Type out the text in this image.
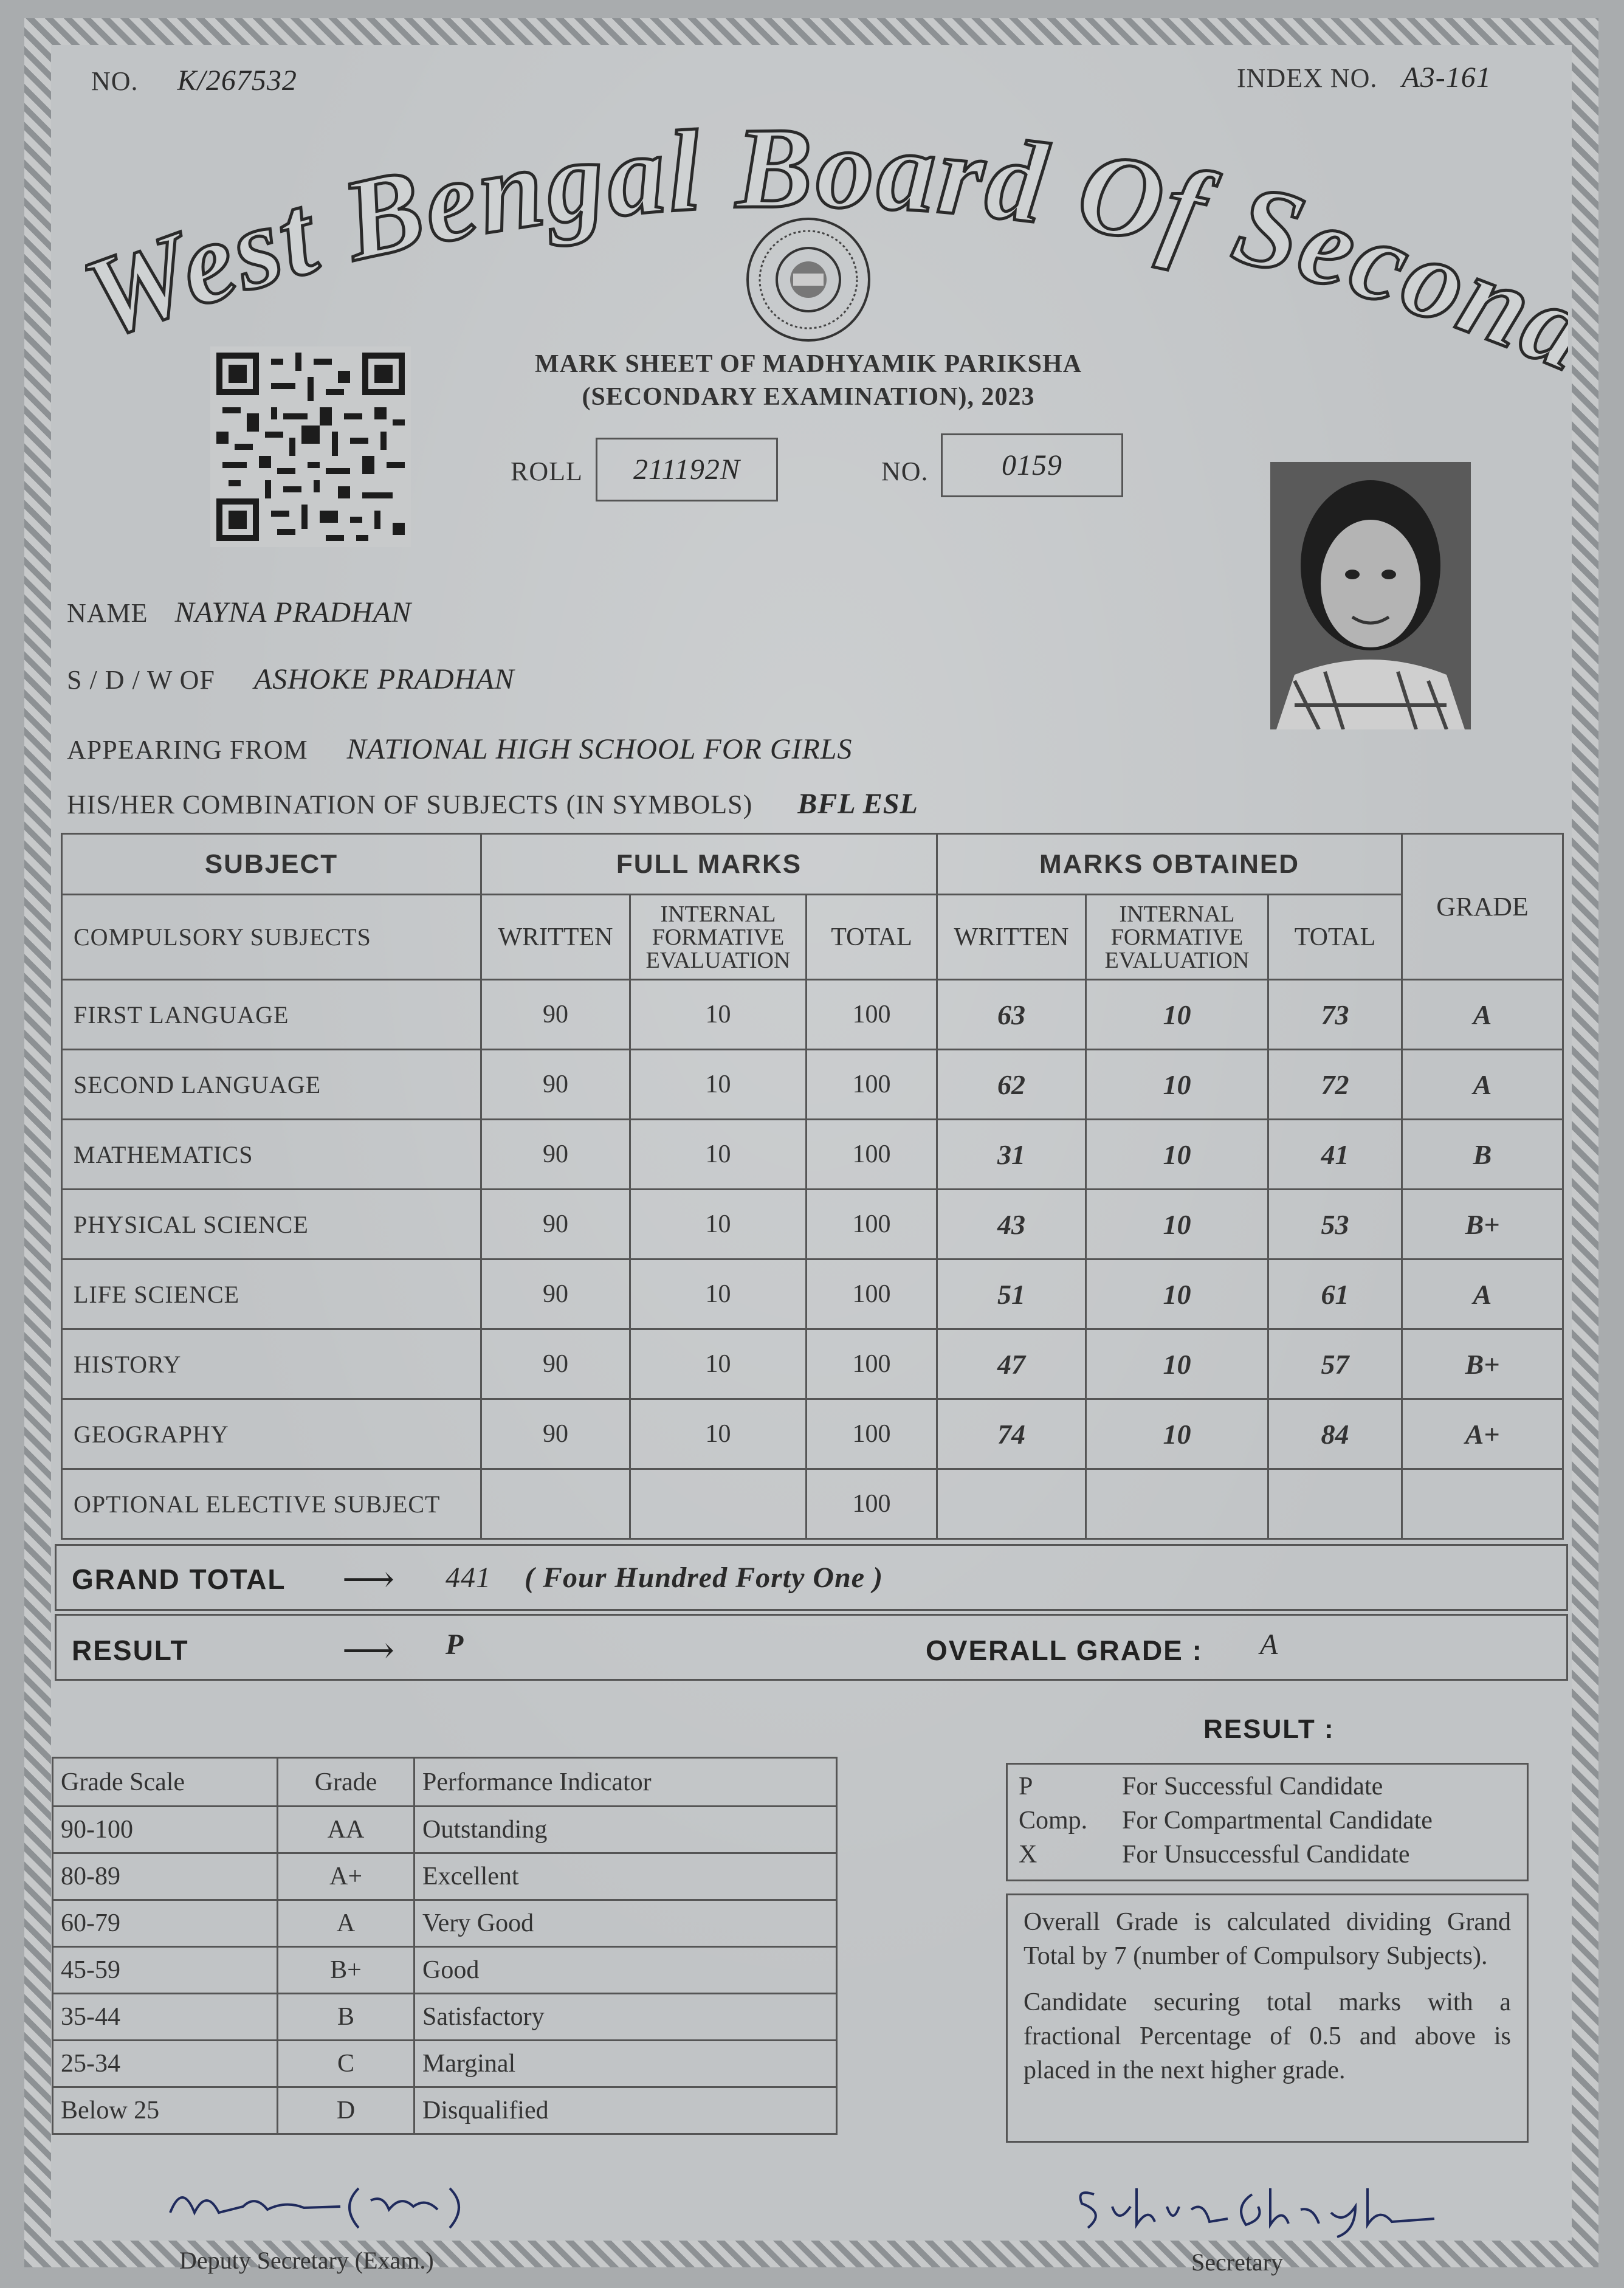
NO. K/267532	INDEX NO. A3-161
est Bengal Board Of Secon
MARK SHEET OF MADHYAMIK PARIKSHA
(SECONDARY EXAMINATION), 2023
ROLL 211192N	NO.	0159
NAME NAYNA PRADHAN
S / D / W OF ASHOKE PRADHAN
APPEARING FROM NATIONAL HIGH SCHOOL FOR GIRLS
HIS/HER COMBINATION OF SUBJECTS (IN SYMBOLS) BFL ESL
SUBJECT	FULL MARKS			MARKS OBTAINED			GRADE
COMPULSORY SUBJECTS	WRITTEN	INTERNAL FORMATIVE EVALUATION	TOTAL	WRITTEN	INTERNAL FORMATIVE EVALUATION	TOTAL	
FIRST LANGUAGE	90	10	100	63	10	73	A
SECOND LANGUAGE	90	10	100	62	10	72	A
MATHEMATICS	90	10	100	31	10	41	B
PHYSICAL SCIENCE	90	10	100	43	10	53	B+
LIFE SCIENCE	90	10	100	51	10	61	A
HISTORY	90	10	100	47	10	57	B+
GEOGRAPHY	90	10	100	74	10	84	A+
OPTIONAL ELECTIVE SUBJECT			100				
GRAND TOTAL ⟶ 441 ( Four Hundred Forty One )
RESULT	⟶ P	OVERALL GRADE : A
Grade Scale	Grade	Performance Indicator
90-100	AA	Outstanding
80-89	A+	Excellent
60-79	A	Very Good
45-59	B+	Good
35-44	B	Satisfactory
25-34	C	Marginal
Below 25	D	Disqualified
RESULT :
P	For Successful Candidate
Comp.	For Compartmental Candidate
X	For Unsuccessful Candidate
Overall Grade is calculated dividing Grand Total by 7 (number of Compulsory Subjects).
Candidate securing total marks with a fractional Percentage of 0.5 and above is placed in the next higher grade.
Deputy Secretary (Exam.)	Secretary
